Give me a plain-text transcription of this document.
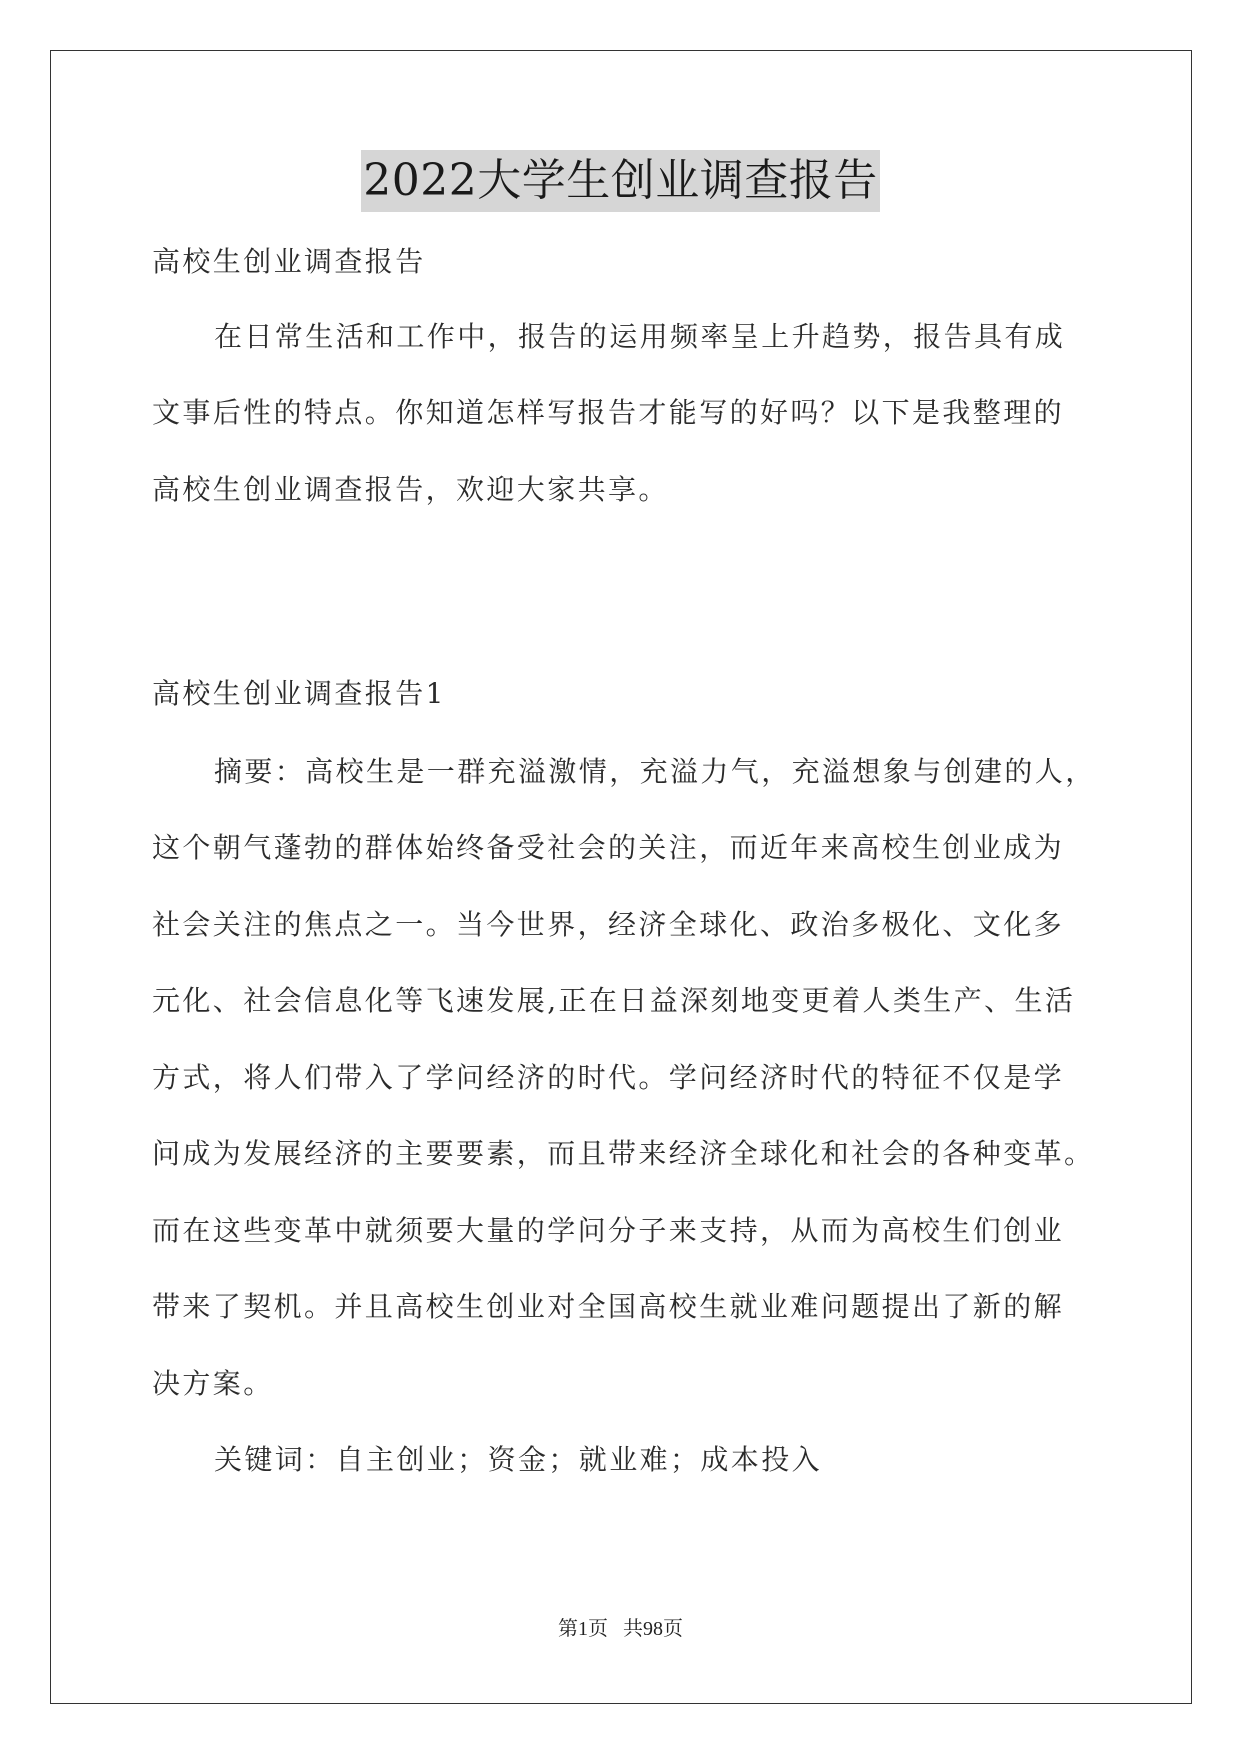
2022大学生创业调查报告
高校生创业调查报告
在日常生活和工作中，报告的运用频率呈上升趋势，报告具有成
文事后性的特点。你知道怎样写报告才能写的好吗？以下是我整理的
高校生创业调查报告，欢迎大家共享。
高校生创业调查报告1
摘要：高校生是一群充溢激情，充溢力气，充溢想象与创建的人，
这个朝气蓬勃的群体始终备受社会的关注，而近年来高校生创业成为
社会关注的焦点之一。当今世界，经济全球化、政治多极化、文化多
元化、社会信息化等飞速发展,正在日益深刻地变更着人类生产、生活
方式，将人们带入了学问经济的时代。学问经济时代的特征不仅是学
问成为发展经济的主要要素，而且带来经济全球化和社会的各种变革。
而在这些变革中就须要大量的学问分子来支持，从而为高校生们创业
带来了契机。并且高校生创业对全国高校生就业难问题提出了新的解
决方案。
关键词：自主创业；资金；就业难；成本投入
第1页   共98页
